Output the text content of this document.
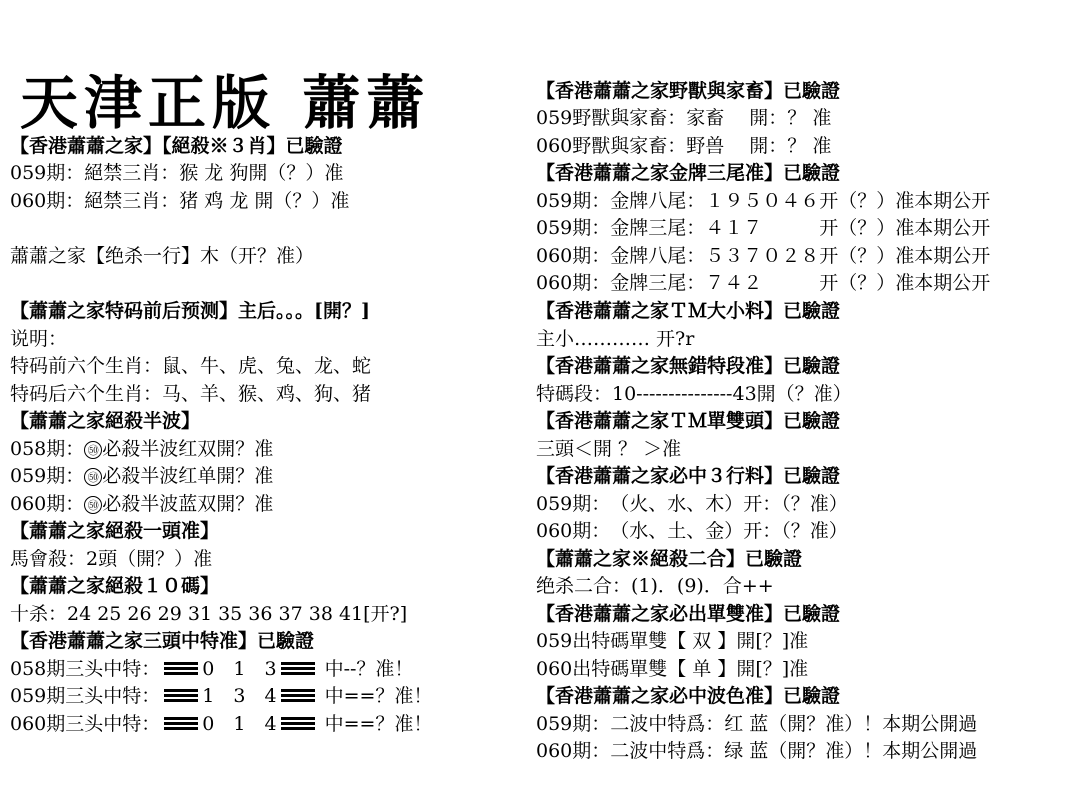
天津正版 蕭蕭
【香港蕭蕭之家】【絕殺※３肖】已驗證
059期：絕禁三肖：猴 龙 狗開（？）准
060期：絕禁三肖：猪 鸡 龙 開（？）准
蕭蕭之家【绝杀一行】木（开？准）
【蕭蕭之家特码前后预测】主后。。。[開？]
说明：
特码前六个生肖：鼠、牛、虎、兔、龙、蛇
特码后六个生肖：马、羊、猴、鸡、狗、猪
【蕭蕭之家絕殺半波】
058期： ㊿ 必殺半波红双開？准
059期： ㊿ 必殺半波红单開？准
060期： ㊿ 必殺半波蓝双開？准
【蕭蕭之家絕殺一頭准】
馬會殺：2頭（開？）准
【蕭蕭之家絕殺１０碼】
十杀：24 25 26 29 31 35 36 37 38 41[开?]
【香港蕭蕭之家三頭中特准】已驗證
058期三头中特： 0　1　3	中--？准！
059期三头中特： 1　3　4	中==？准！
060期三头中特： 0　1　4	中==？准！
【香港蕭蕭之家野獸與家畜】已驗證
059野獸與家畜：家畜　 開：？ 准
060野獸與家畜：野兽　 開：？ 准
【香港蕭蕭之家金牌三尾准】已驗證
059期：金牌八尾：１９５０４６开（？）准本期公开
059期：金牌三尾：４１７　　　开（？）准本期公开
060期：金牌八尾：５３７０２８开（？）准本期公开
060期：金牌三尾：７４２　　　开（？）准本期公开
【香港蕭蕭之家ＴＭ大小料】已驗證
主小………… 开?r
【香港蕭蕭之家無錯特段准】已驗證
特碼段：10---------------43開（？准）
【香港蕭蕭之家ＴＭ單雙頭】已驗證
三頭＜開 ？ ＞准
【香港蕭蕭之家必中３行料】已驗證
059期：　（火、水、木）开：（？准）
060期：　（水、土、金）开：（？准）
【蕭蕭之家※絕殺二合】已驗證
绝杀二合：(1)．(9)．合++
【香港蕭蕭之家必出單雙准】已驗證
059出特碼單雙【 双 】開[？]准
060出特碼單雙【 单 】開[？]准
【香港蕭蕭之家必中波色准】已驗證
059期：二波中特爲：红 蓝（開？准）！本期公開過
060期：二波中特爲：绿 蓝（開？准）！本期公開過
